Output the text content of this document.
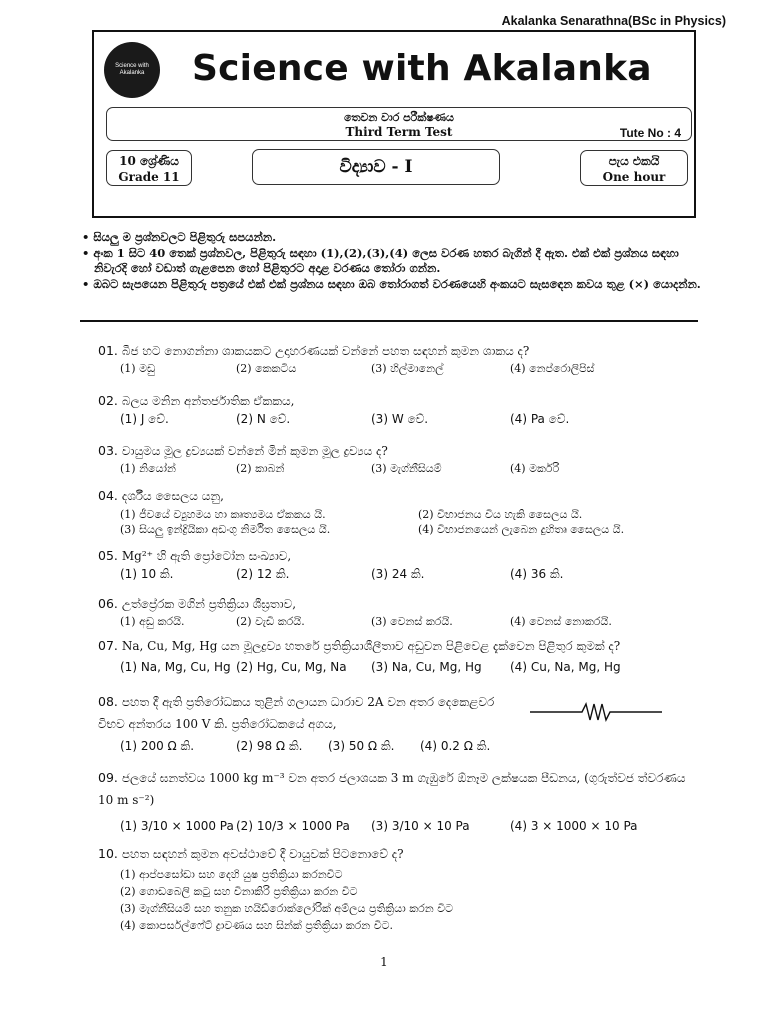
Akalanka Senarathna(BSc in Physics)
Science with Akalanka Science with Akalanka
තෙවන වාර පරීක්ෂණය
Third Term Test	Tute No : 4
10 ශ්‍රේණිය
Grade 11	විද්‍යාව - I	පැය එකයි
One hour

• සියලු ම ප්‍රශ්නවලට පිළිතුරු සපයන්න.

• අංක 1 සිට 40 තෙක් ප්‍රශ්නවල, පිළිතුරු සඳහා (1),(2),(3),(4) ලෙස වරණ හතර බැගින් දී ඇත. එක් එක් ප්‍රශ්නය සඳහා නිවැරදි හෝ වඩාත් ගැළපෙන හෝ පිළිතුරට අදාළ වරණය තෝරා ගන්න.

• ඔබට සැපයෙන පිළිතුරු පත්‍රයේ එක් එක් ප්‍රශ්නය සඳහා ඔබ තෝරාගත් වරණයෙහි අංකයට සැසඳෙන කවය තුළ (×) යොදන්න.

01. බීජ හට නොගන්නා ශාකයකට උදාහරණයක් වන්නේ පහත සඳහන් කුමන ශාකය ද?
(1) මඩු	(2) කෙකටිය	(3) හිල්මානෙල්	(4) නෙප්රොලිපිස්
02. බලය මනින අන්තර්ජාතික ඒකකය,
(1) J වේ.	(2) N වේ.	(3) W වේ.	(4) Pa වේ.
03. වායුමය මූල ද්‍රව්‍යයක් වන්නේ මින් කුමන මූල ද්‍රව්‍යය ද?
(1) නියෝන්	(2) කාබන්	(3) මැග්නීසියම්	(4) මර්කරි
04. දර්ශීය සෛලය යනු,
(1) ජීවයේ ව්‍යුහමය හා කෘත්‍යමය ඒකකය යි.	(2) විභාජනය විය හැකි සෛලය යි.
(3) සියලු ඉන්ද්‍රියිකා අඩංගු නිර්මිත සෛලය යි.	(4) විභාජනයෙන් ලැබෙන දුහිතෘ සෛලය යි.
05. Mg²⁺ හි ඇති ප්‍රෝටෝන සංඛ්‍යාව,
(1) 10 කි.	(2) 12 කි.	(3) 24 කි.	(4) 36 කි.
06. උත්ප්‍රේරක මගින් ප්‍රතික්‍රියා ශීඝ්‍රතාව,
(1) අඩු කරයි.	(2) වැඩි කරයි.	(3) වෙනස් කරයි.	(4) වෙනස් නොකරයි.
07. Na, Cu, Mg, Hg යන මූලද්‍රව්‍ය හතරේ ප්‍රතික්‍රියාශීලීතාව අඩුවන පිළිවෙළ දැක්වෙන පිළිතුර කුමක් ද?
(1) Na, Mg, Cu, Hg (2) Hg, Cu, Mg, Na (3) Na, Cu, Mg, Hg (4) Cu, Na, Mg, Hg
08. පහත දී ඇති ප්‍රතිරෝධකය තුළින් ගලායන ධාරාව 2A වන අතර දෙකෙළවර විභව අන්තරය 100 V කි. ප්‍රතිරෝධකයේ අගය,
(1) 200 Ω කි.	(2) 98 Ω කි. (3) 50 Ω කි. (4) 0.2 Ω කි.
09. ජලයේ ඝනත්වය 1000 kg m⁻³ වන අතර ජලාශයක 3 m ගැඹුරේ ඕනෑම ලක්ෂයක පීඩනය, (ගුරුත්වජ ත්වරණය 10 m s⁻²)
(1) 3/10 × 1000 Pa (2) 10/3 × 1000 Pa (3) 3/10 × 10 Pa	(4) 3 × 1000 × 10 Pa
10. පහත සඳහන් කුමන අවස්ථාවේ දී වායුවක් පිටනොවේ ද?
(1) ආප්පසෝඩා සහ දෙහි යුෂ ප්‍රතික්‍රියා කරනවිට
(2) ගොඩබෙලි කටු සහ විනාකිරි ප්‍රතික්‍රියා කරන විට
(3) මැග්නීසියම් සහ තනුක හයිඩ්රොක්ලෝරික් අම්ලය ප්‍රතික්‍රියා කරන විට
(4) කොපර්සල්ෆේට් ද්‍රාවණය සහ සින්ක් ප්‍රතික්‍රියා කරන විට.
1
